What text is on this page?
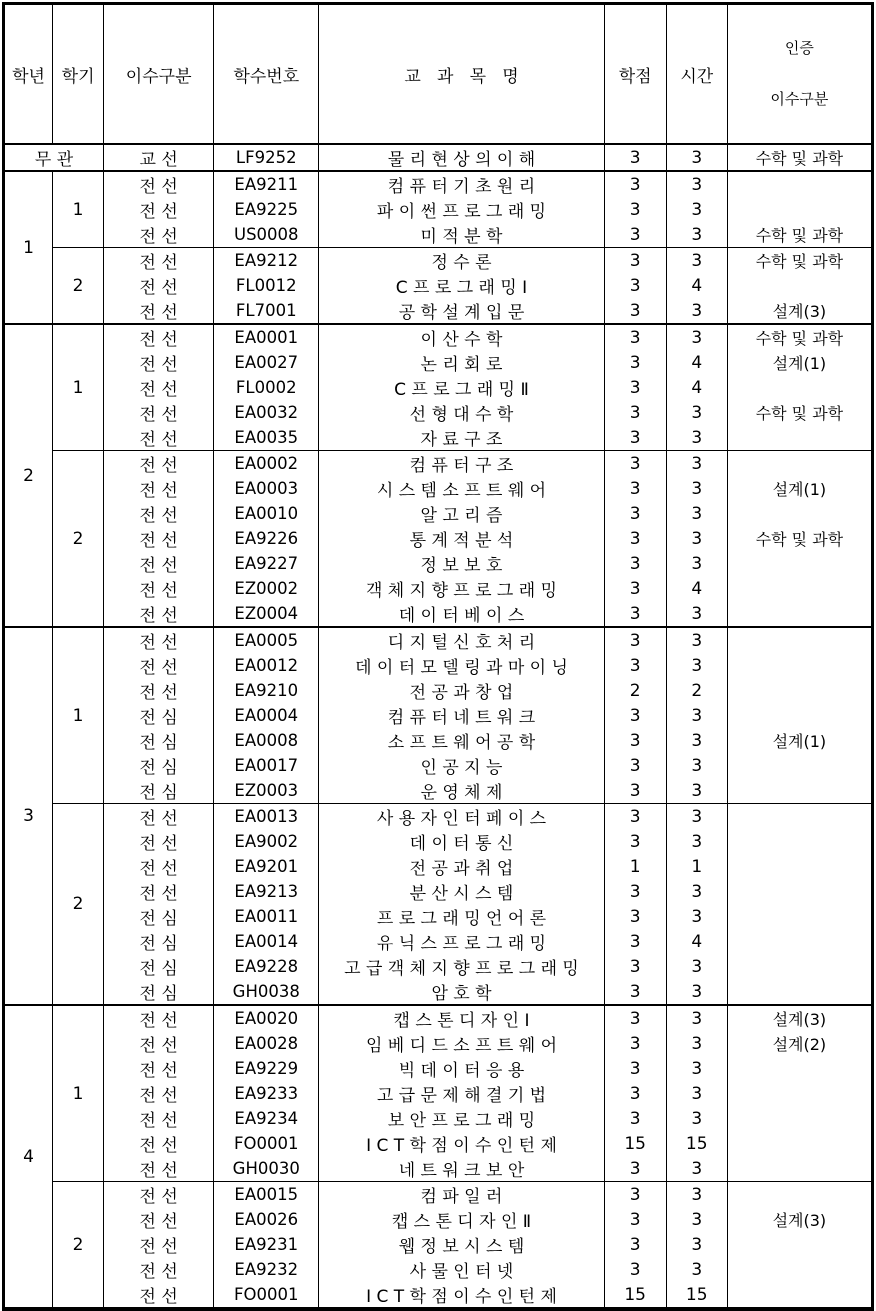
학년	학기	이수구분	학수번호	교   과   목   명	학점	시간	인증

이수구분

무 관		교 선	LF9252	물 리 현 상 의 이 해	3	3	수학 및 과학
1	1	전 선	EA9211	컴 퓨 터 기 초 원 리	3	3	
		전 선	EA9225	파 이 썬 프 로 그 래 밍	3	3	
		전 선	US0008	미 적 분 학	3	3	수학 및 과학
	2	전 선	EA9212	정 수 론	3	3	수학 및 과학
		전 선	FL0012	C 프 로 그 래 밍 Ⅰ	3	4	
		전 선	FL7001	공 학 설 계 입 문	3	3	설계(3)
2	1	전 선	EA0001	이 산 수 학	3	3	수학 및 과학
		전 선	EA0027	논 리 회 로	3	4	설계(1)
		전 선	FL0002	C 프 로 그 래 밍 Ⅱ	3	4	
		전 선	EA0032	선 형 대 수 학	3	3	수학 및 과학
		전 선	EA0035	자 료 구 조	3	3	
	2	전 선	EA0002	컴 퓨 터 구 조	3	3	
		전 선	EA0003	시 스 템 소 프 트 웨 어	3	3	설계(1)
		전 선	EA0010	알 고 리 즘	3	3	
		전 선	EA9226	통 계 적 분 석	3	3	수학 및 과학
		전 선	EA9227	정 보 보 호	3	3	
		전 선	EZ0002	객 체 지 향 프 로 그 래 밍	3	4	
		전 선	EZ0004	데 이 터 베 이 스	3	3	
3	1	전 선	EA0005	디 지 털 신 호 처 리	3	3	
		전 선	EA0012	데 이 터 모 델 링 과 마 이 닝	3	3	
		전 선	EA9210	전 공 과 창 업	2	2	
		전 심	EA0004	컴 퓨 터 네 트 워 크	3	3	
		전 심	EA0008	소 프 트 웨 어 공 학	3	3	설계(1)
		전 심	EA0017	인 공 지 능	3	3	
		전 심	EZ0003	운 영 체 제	3	3	
	2	전 선	EA0013	사 용 자 인 터 페 이 스	3	3	
		전 선	EA9002	데 이 터 통 신	3	3	
		전 선	EA9201	전 공 과 취 업	1	1	
		전 선	EA9213	분 산 시 스 템	3	3	
		전 심	EA0011	프 로 그 래 밍 언 어 론	3	3	
		전 심	EA0014	유 닉 스 프 로 그 래 밍	3	4	
		전 심	EA9228	고 급 객 체 지 향 프 로 그 래 밍	3	3	
		전 심	GH0038	암 호 학	3	3	
4	1	전 선	EA0020	캡 스 톤 디 자 인 Ⅰ	3	3	설계(3)
		전 선	EA0028	임 베 디 드 소 프 트 웨 어	3	3	설계(2)
		전 선	EA9229	빅 데 이 터 응 용	3	3	
		전 선	EA9233	고 급 문 제 해 결 기 법	3	3	
		전 선	EA9234	보 안 프 로 그 래 밍	3	3	
		전 선	FO0001	I C T 학 점 이 수 인 턴 제	15	15	
		전 선	GH0030	네 트 워 크 보 안	3	3	
	2	전 선	EA0015	컴 파 일 러	3	3	
		전 선	EA0026	캡 스 톤 디 자 인 Ⅱ	3	3	설계(3)
		전 선	EA9231	웹 정 보 시 스 템	3	3	
		전 선	EA9232	사 물 인 터 넷	3	3	
		전 선	FO0001	I C T 학 점 이 수 인 턴 제	15	15	
